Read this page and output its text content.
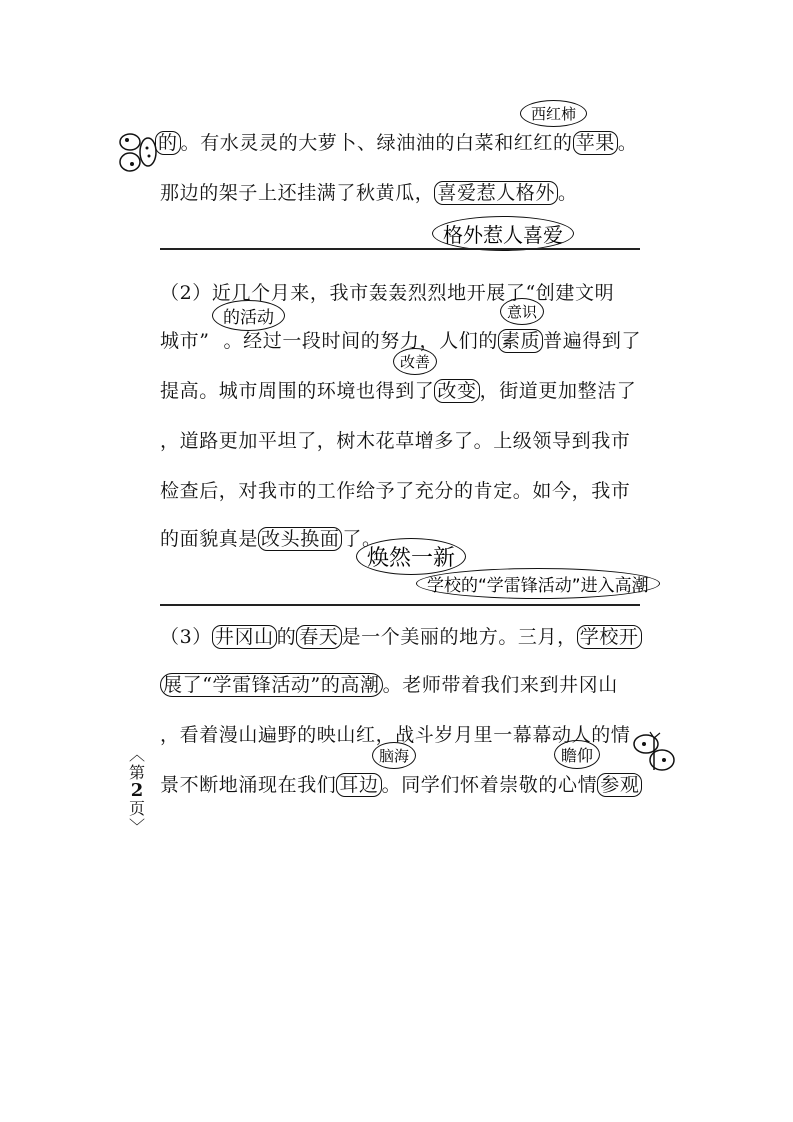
的 。有水灵灵的大萝卜、绿油油的白菜和红红的 苹果 。
西红柿
那边的架子上还挂满了秋黄瓜， 喜爱惹人格外 。
格外惹人喜爱
（2）近几个月来，我市轰轰烈烈地开展了“创建文明
的活动	意识
城市” 。经过一段时间的努力，人们的 素质 普遍得到了
改善
提高。城市周围的环境也得到了 改变 ，街道更加整洁了
，道路更加平坦了，树木花草增多了。上级领导到我市
检查后，对我市的工作给予了充分的肯定。如今，我市
的面貌真是 改头换面 了。
焕然一新
学校的“学雷锋活动”进入高潮
（3） 井冈山 的 春天 是一个美丽的地方。三月， 学校开
展了“学雷锋活动”的高潮 。老师带着我们来到井冈山
，看着漫山遍野的映山红，战斗岁月里一幕幕动人的情
脑海	瞻仰
景不断地涌现在我们 耳边 。同学们怀着崇敬的心情 参观
︿
第
2
页
﹀
